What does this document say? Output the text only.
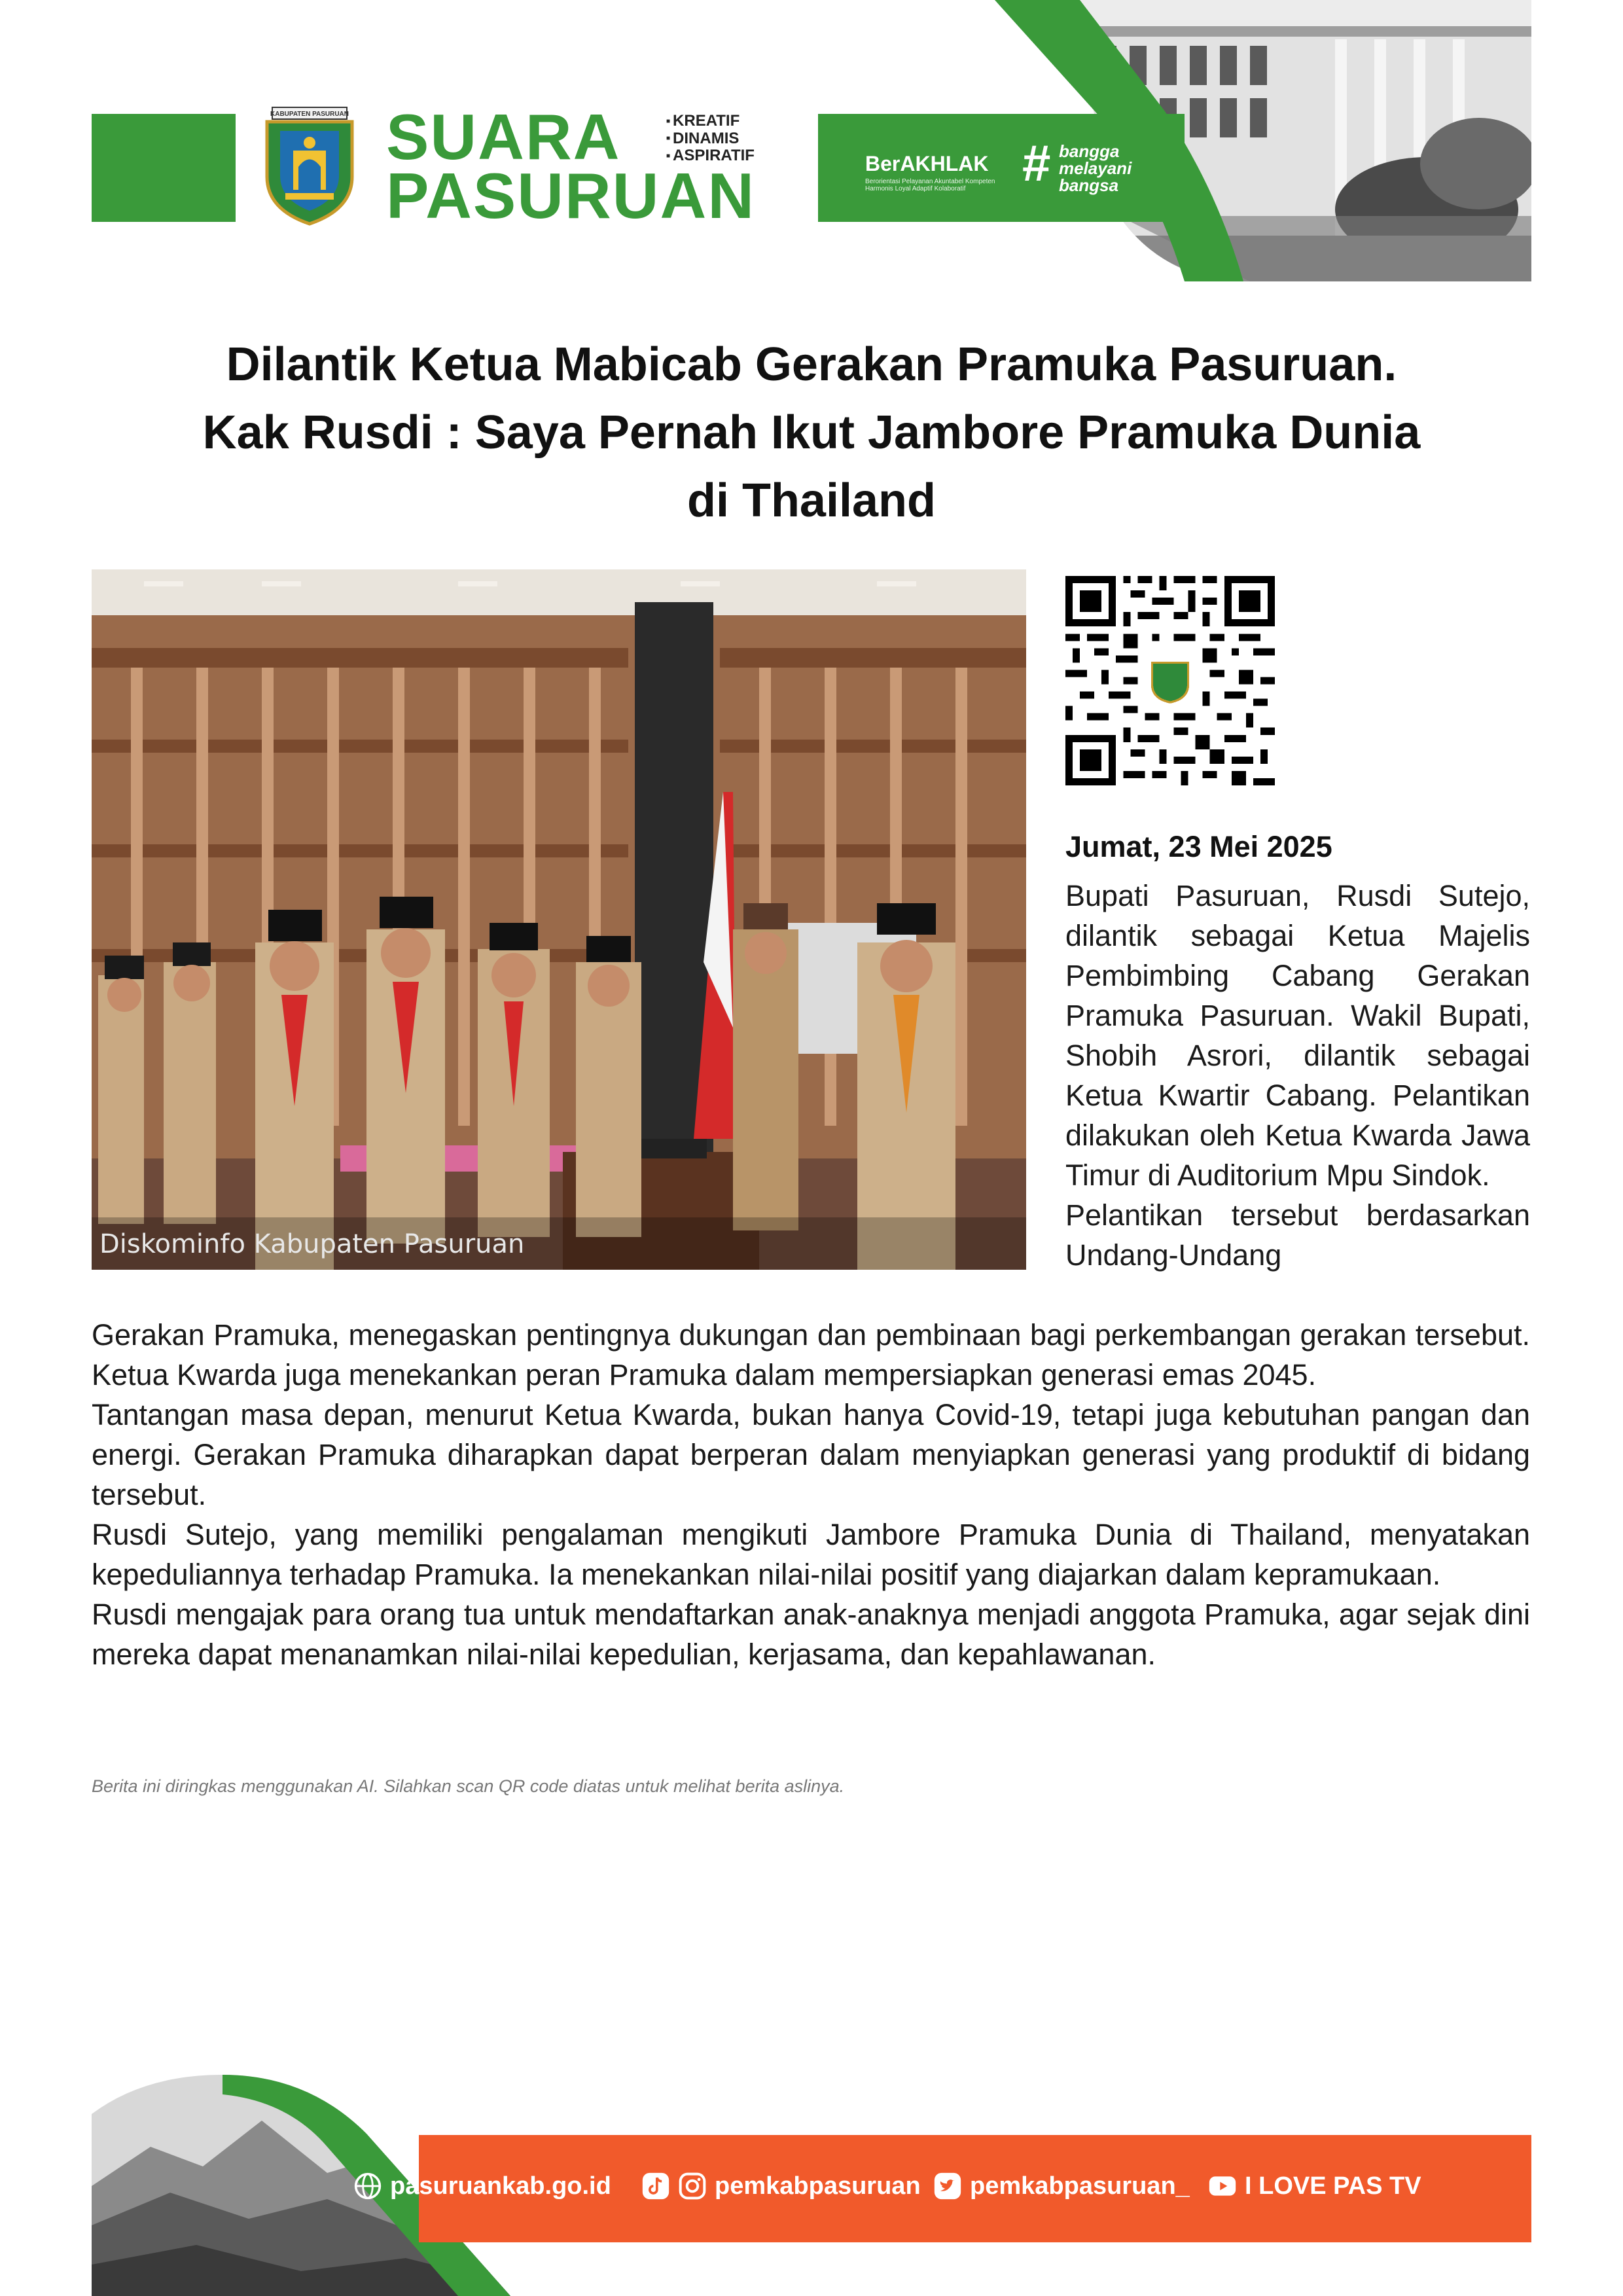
KABUPATEN PASURUAN SUARA
PASURUAN
■ KREATIF
■ DINAMIS
■ ASPIRATIF	BerAKHLAK
Berorientasi Pelayanan Akuntabel Kompeten Harmonis Loyal Adaptif Kolaboratif	# bangga
melayani
bangsa
Dilantik Ketua Mabicab Gerakan Pramuka Pasuruan.
Kak Rusdi : Saya Pernah Ikut Jambore Pramuka Dunia
di Thailand
Diskominfo Kabupaten Pasuruan
Jumat, 23 Mei 2025

Bupati Pasuruan, Rusdi Sutejo, dilantik sebagai Ketua Majelis Pembimbing Cabang Gerakan Pramuka Pasuruan. Wakil Bupati, Shobih Asrori, dilantik sebagai Ketua Kwartir Cabang. Pelantikan dilakukan oleh Ketua Kwarda Jawa Timur di Auditorium Mpu Sindok.

Pelantikan tersebut berdasarkan Undang-Undang

Gerakan Pramuka, menegaskan pentingnya dukungan dan pembinaan bagi perkembangan gerakan tersebut. Ketua Kwarda juga menekankan peran Pramuka dalam mempersiapkan generasi emas 2045.

Tantangan masa depan, menurut Ketua Kwarda, bukan hanya Covid-19, tetapi juga kebutuhan pangan dan energi. Gerakan Pramuka diharapkan dapat berperan dalam menyiapkan generasi yang produktif di bidang tersebut.

Rusdi Sutejo, yang memiliki pengalaman mengikuti Jambore Pramuka Dunia di Thailand, menyatakan kepeduliannya terhadap Pramuka. Ia menekankan nilai-nilai positif yang diajarkan dalam kepramukaan.

Rusdi mengajak para orang tua untuk mendaftarkan anak-anaknya menjadi anggota Pramuka, agar sejak dini mereka dapat menanamkan nilai-nilai kepedulian, kerjasama, dan kepahlawanan.

Berita ini diringkas menggunakan AI. Silahkan scan QR code diatas untuk melihat berita aslinya.
pasuruankab.go.id	pemkabpasuruan pemkabpasuruan_ I LOVE PAS TV
